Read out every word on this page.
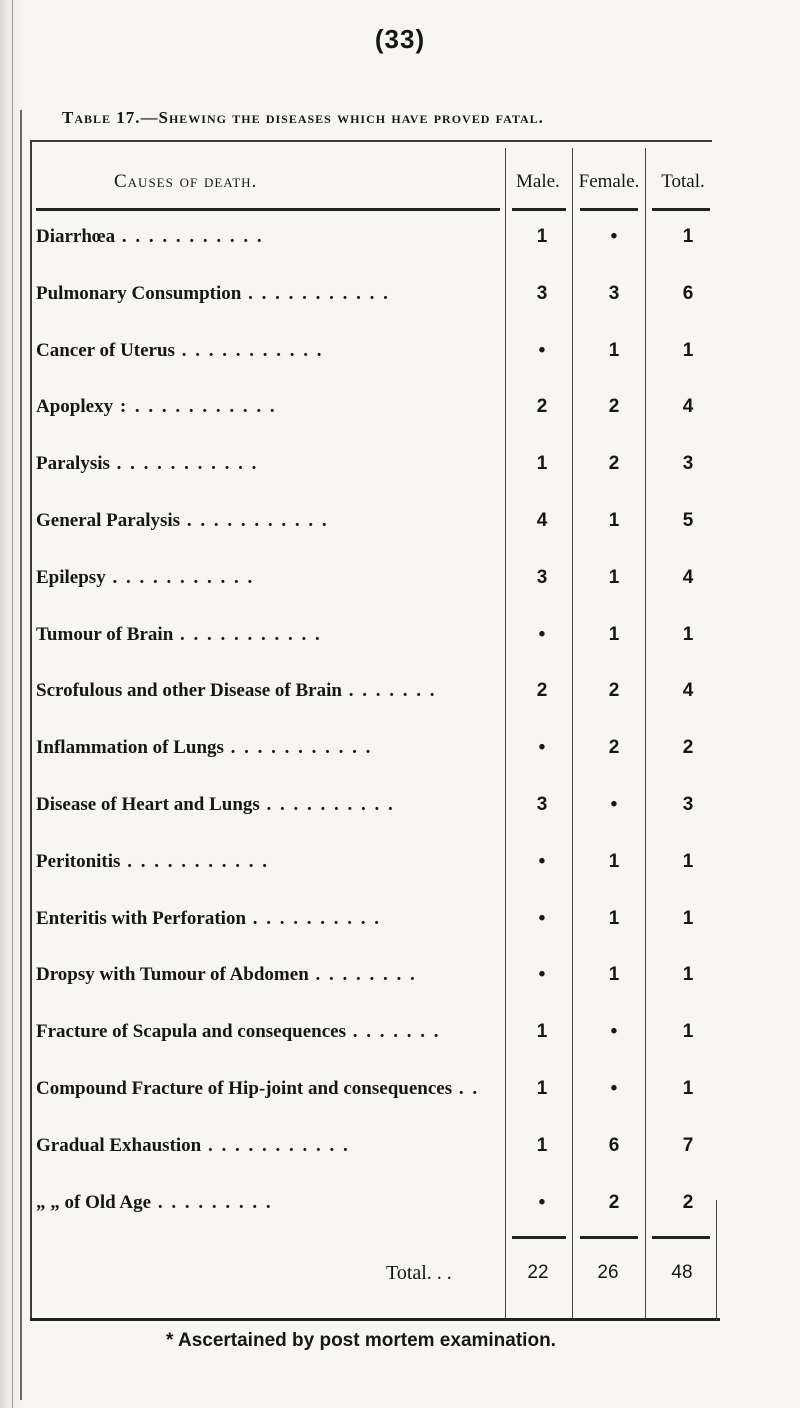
(33)
Table 17.—Shewing the diseases which have proved fatal.
Causes of death.	Male. Female.	Total.
Diarrhœa . . . . . . . . . . .	1	•	1
Pulmonary Consumption . . . . . . . . . . .	3	3	6
Cancer of Uterus . . . . . . . . . . .	•	1	1
Apoplexy : . . . . . . . . . . .	2	2	4
Paralysis . . . . . . . . . . .	1	2	3
General Paralysis . . . . . . . . . . .	4	1	5
Epilepsy . . . . . . . . . . .	3	1	4
Tumour of Brain . . . . . . . . . . .	•	1	1
Scrofulous and other Disease of Brain . . . . . . .	2	2	4
Inflammation of Lungs . . . . . . . . . . .	•	2	2
Disease of Heart and Lungs . . . . . . . . . .	3	•	3
Peritonitis . . . . . . . . . . .	•	1	1
Enteritis with Perforation . . . . . . . . . .	•	1	1
Dropsy with Tumour of Abdomen . . . . . . . .	•	1	1
Fracture of Scapula and consequences . . . . . . .	1	•	1
Compound Fracture of Hip-joint and consequences . .	1	•	1
Gradual Exhaustion . . . . . . . . . . .	1	6	7
„ „ of Old Age . . . . . . . . .	•	2	2
Total. . .	22	26	48
* Ascertained by post mortem examination.
